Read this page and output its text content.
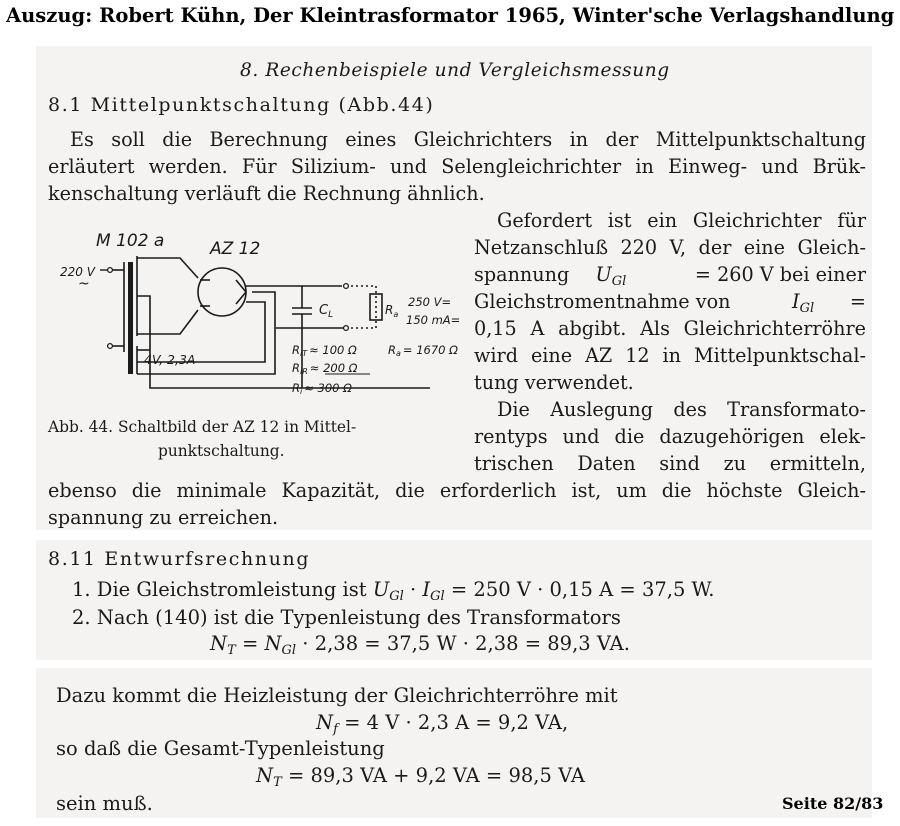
Auszug: Robert Kühn, Der Kleintrasformator 1965, Winter'sche Verlagshandlung
8. Rechenbeispiele und Vergleichsmessung
8.1 Mittelpunktschaltung (Abb.44)
Es soll die Berechnung eines Gleichrichters in der Mittelpunktschaltung
erläutert werden. Für Silizium- und Selengleichrichter in Einweg- und Brük-
kenschaltung verläuft die Rechnung ähnlich.
Gefordert ist ein Gleichrichter für
Netzanschluß 220 V, der eine Gleich-
spannung $U_{Gl}$	= 260 V bei einer
Gleichstromentnahme von	$I_{Gl}$ =
0,15 A abgibt. Als Gleichrichterröhre
wird eine AZ 12 in Mittelpunktschal-
tung verwendet.
Die Auslegung des Transformato-
rentyps und die dazugehörigen elek-
trischen Daten sind zu ermitteln,
M 102 a	AZ 12
220 V
~
4V, 2,3A
$C_L$	$R_a$
250 V=
150 mA=
RiT ≈ 100 Ω
RiR ≈ 200 Ω
Ri ≈ 300 Ω
Ra = 1670 Ω
Abb. 44. Schaltbild der AZ 12 in Mittel-
punktschaltung.
ebenso die minimale Kapazität, die erforderlich ist, um die höchste Gleich-
spannung zu erreichen.
8.11 Entwurfsrechnung
1. Die Gleichstromleistung ist $U_{Gl} \cdot I_{Gl} = 250$ V · 0,15 A = 37,5 W.
2. Nach (140) ist die Typenleistung des Transformators
$N_T = N_{Gl} \cdot 2,38 = 37,5$ W · 2,38 = 89,3 VA.
Dazu kommt die Heizleistung der Gleichrichterröhre mit
$N_f = 4$ V · 2,3 A = 9,2 VA,
so daß die Gesamt-Typenleistung
$N_T = 89,3$ VA + 9,2 VA = 98,5 VA
sein muß.	Seite 82/83
